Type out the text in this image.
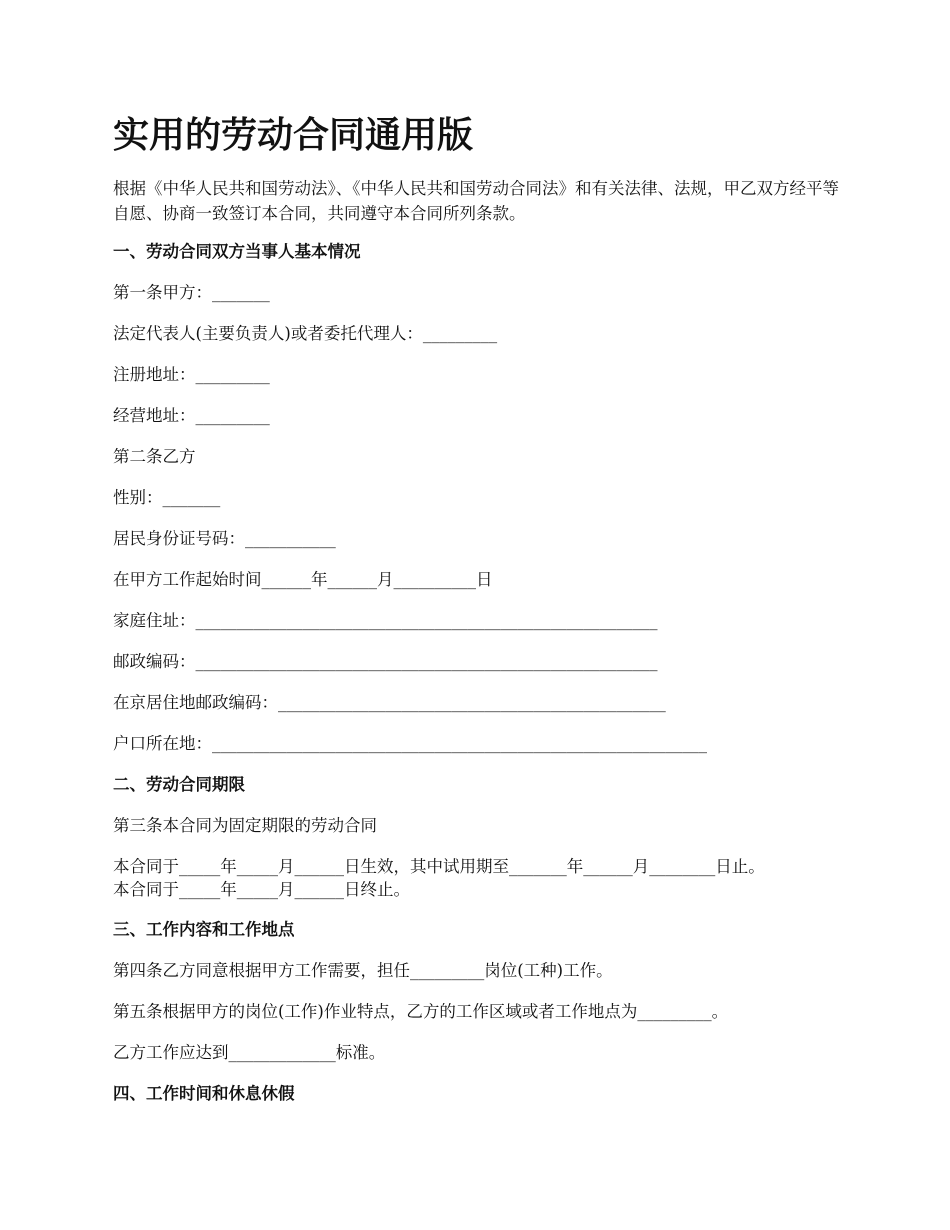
实用的劳动合同通用版

根据《中华人民共和国劳动法》、《中华人民共和国劳动合同法》和有关法律、法规，甲乙双方经平等自愿、协商一致签订本合同，共同遵守本合同所列条款。

一、劳动合同双方当事人基本情况
第一条甲方：_______
法定代表人(主要负责人)或者委托代理人：_________
注册地址：_________
经营地址：_________
第二条乙方
性别：_______
居民身份证号码：___________
在甲方工作起始时间______年______月__________日
家庭住址：________________________________________________________
邮政编码：________________________________________________________
在京居住地邮政编码：_______________________________________________
户口所在地：____________________________________________________________
二、劳动合同期限
第三条本合同为固定期限的劳动合同
本合同于_____年_____月______日生效，其中试用期至_______年______月________日止。
本合同于_____年_____月______日终止。
三、工作内容和工作地点
第四条乙方同意根据甲方工作需要，担任_________岗位(工种)工作。
第五条根据甲方的岗位(工作)作业特点，乙方的工作区域或者工作地点为_________。
乙方工作应达到_____________标准。
四、工作时间和休息休假
